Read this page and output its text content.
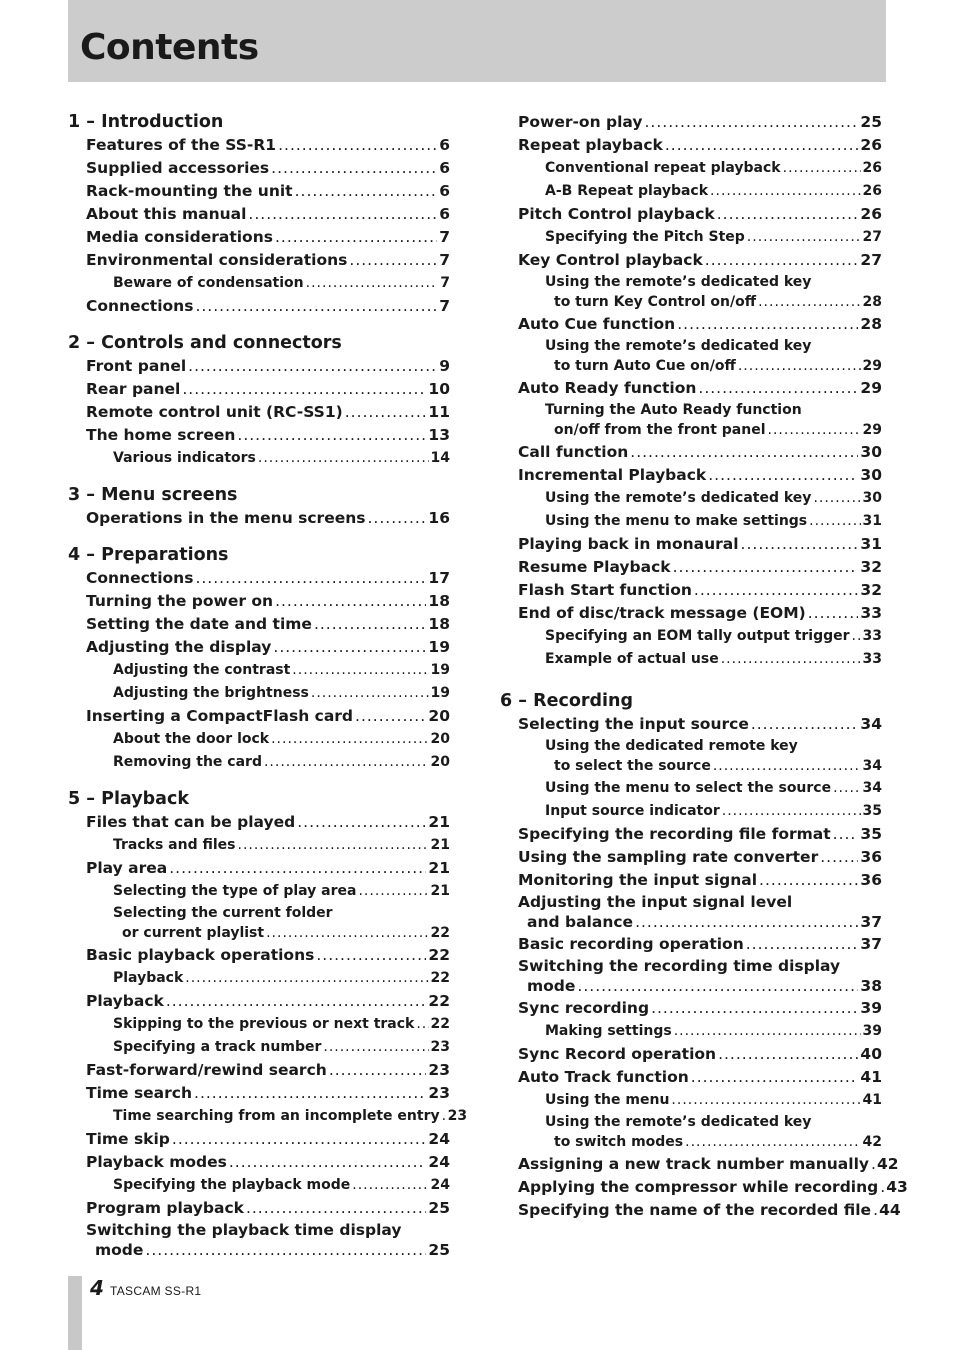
Contents
1 – Introduction
Features of the SS-R1 .....	6
Supplied accessories .....	6
Rack-mounting the unit .....	6
About this manual .....	6
Media considerations .....	7
Environmental considerations .....	7
Beware of condensation .....	7
Connections .....	7
2 – Controls and connectors
Front panel .....	9
Rear panel .....	10
Remote control unit (RC-SS1) .....	11
The home screen .....	13
Various indicators .....	14
3 – Menu screens
Operations in the menu screens .....	16
4 – Preparations
Connections .....	17
Turning the power on .....	18
Setting the date and time .....	18
Adjusting the display .....	19
Adjusting the contrast .....	19
Adjusting the brightness .....	19
Inserting a CompactFlash card .....	20
About the door lock .....	20
Removing the card .....	20
5 – Playback
Files that can be played .....	21
Tracks and files .....	21
Play area .....	21
Selecting the type of play area .....	21
Selecting the current folder
or current playlist .....	22
Basic playback operations .....	22
Playback .....	22
Playback .....	22
Skipping to the previous or next track ..... 22
Specifying a track number .....	23
Fast-forward/rewind search .....	23
Time search .....	23
Time searching from an incomplete entry ..... 23
Time skip .....	24
Playback modes .....	24
Specifying the playback mode .....	24
Program playback .....	25
Switching the playback time display
mode .....	25
Power-on play .....	25
Repeat playback .....	26
Conventional repeat playback .....	26
A-B Repeat playback .....	26
Pitch Control playback .....	26
Specifying the Pitch Step .....	27
Key Control playback .....	27
Using the remote’s dedicated key
to turn Key Control on/off .....	28
Auto Cue function .....	28
Using the remote’s dedicated key
to turn Auto Cue on/off .....	29
Auto Ready function .....	29
Turning the Auto Ready function
on/off from the front panel .....	29
Call function .....	30
Incremental Playback .....	30
Using the remote’s dedicated key .....	30
Using the menu to make settings .....	31
Playing back in monaural .....	31
Resume Playback .....	32
Flash Start function .....	32
End of disc/track message (EOM) .....	33
Specifying an EOM tally output trigger ..... 33
Example of actual use .....	33
6 – Recording
Selecting the input source .....	34
Using the dedicated remote key
to select the source .....	34
Using the menu to select the source ..... 34
Input source indicator .....	35
Specifying the recording file format ..... 35
Using the sampling rate converter .....	36
Monitoring the input signal .....	36
Adjusting the input signal level
and balance .....	37
Basic recording operation .....	37
Switching the recording time display
mode .....	38
Sync recording .....	39
Making settings .....	39
Sync Record operation .....	40
Auto Track function .....	41
Using the menu .....	41
Using the remote’s dedicated key
to switch modes .....	42
Assigning a new track number manually ..... 42
Applying the compressor while recording ..... 43
Specifying the name of the recorded file ..... 44
4 TASCAM SS-R1
